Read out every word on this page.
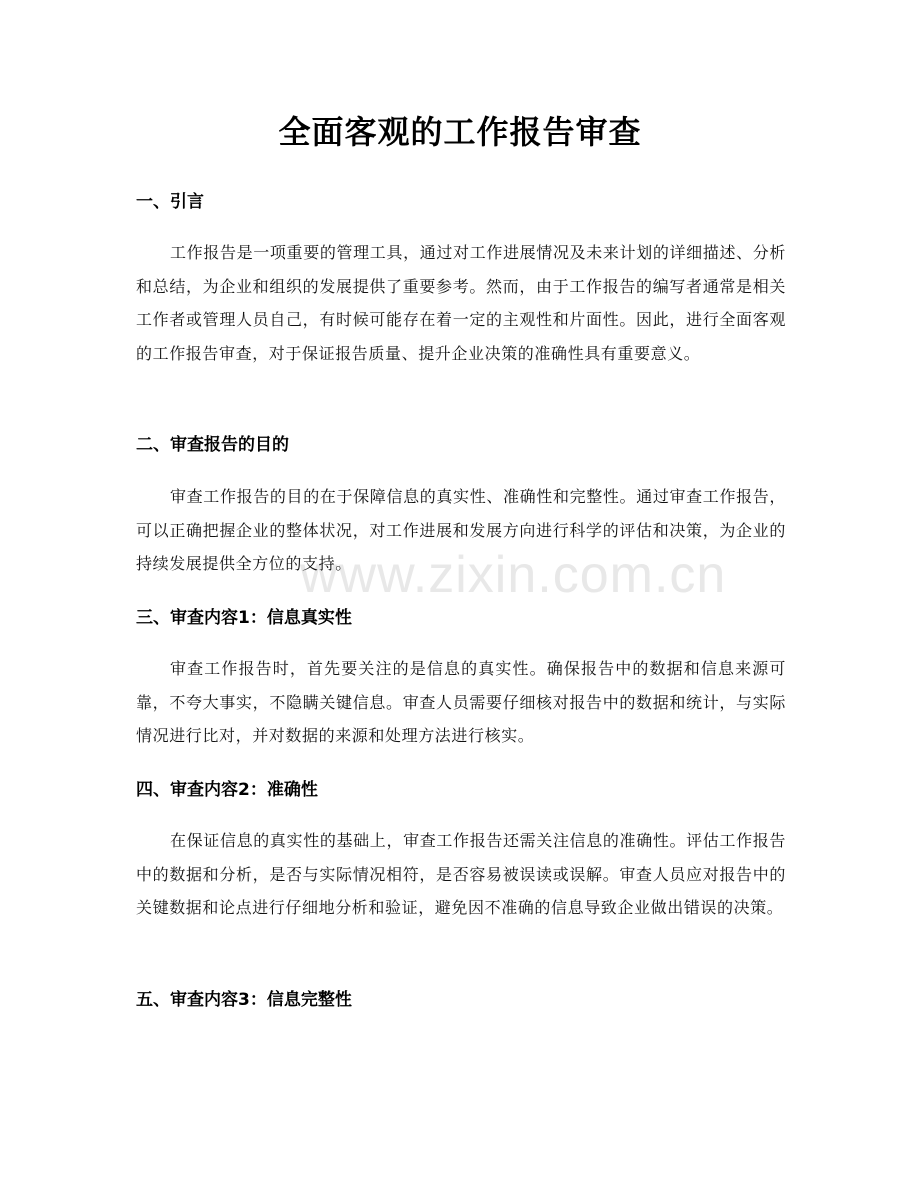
www.zixin.com.cn
全面客观的工作报告审查
一、引言
工作报告是一项重要的管理工具，通过对工作进展情况及未来计划的详细描述、分析和总结，为企业和组织的发展提供了重要参考。然而，由于工作报告的编写者通常是相关工作者或管理人员自己，有时候可能存在着一定的主观性和片面性。因此，进行全面客观的工作报告审查，对于保证报告质量、提升企业决策的准确性具有重要意义。
二、审查报告的目的
审查工作报告的目的在于保障信息的真实性、准确性和完整性。通过审查工作报告，可以正确把握企业的整体状况，对工作进展和发展方向进行科学的评估和决策，为企业的持续发展提供全方位的支持。
三、审查内容1：信息真实性
审查工作报告时，首先要关注的是信息的真实性。确保报告中的数据和信息来源可靠，不夸大事实，不隐瞒关键信息。审查人员需要仔细核对报告中的数据和统计，与实际情况进行比对，并对数据的来源和处理方法进行核实。
四、审查内容2：准确性
在保证信息的真实性的基础上，审查工作报告还需关注信息的准确性。评估工作报告中的数据和分析，是否与实际情况相符，是否容易被误读或误解。审查人员应对报告中的关键数据和论点进行仔细地分析和验证，避免因不准确的信息导致企业做出错误的决策。
五、审查内容3：信息完整性
